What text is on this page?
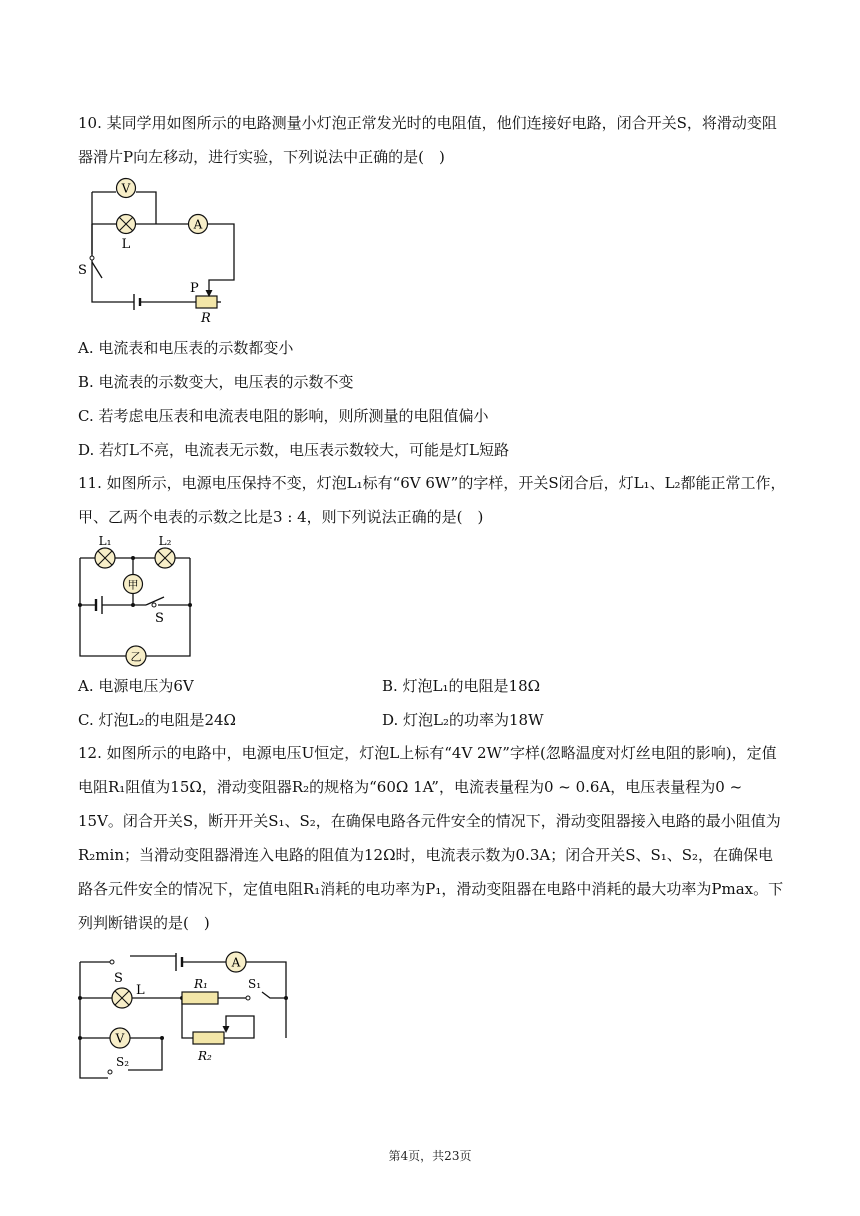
10. 某同学用如图所示的电路测量小灯泡正常发光时的电阻值，他们连接好电路，闭合开关S，将滑动变阻器滑片P向左移动，进行实验，下列说法中正确的是(　)

V
L
A
S
P
R

A. 电流表和电压表的示数都变小

B. 电流表的示数变大，电压表的示数不变

C. 若考虑电压表和电流表电阻的影响，则所测量的电阻值偏小

D. 若灯L不亮，电流表无示数，电压表示数较大，可能是灯L短路

11. 如图所示，电源电压保持不变，灯泡L₁标有“6V 6W”的字样，开关S闭合后，灯L₁、L₂都能正常工作，甲、乙两个电表的示数之比是3 : 4，则下列说法正确的是(　)

L₁	L₂
甲
S
乙

A. 电源电压为6V	B. 灯泡L₁的电阻是18Ω

C. 灯泡L₂的电阻是24Ω	D. 灯泡L₂的功率为18W

12. 如图所示的电路中，电源电压U恒定，灯泡L上标有“4V 2W”字样(忽略温度对灯丝电阻的影响)，定值电阻R₁阻值为15Ω，滑动变阻器R₂的规格为“60Ω 1A”，电流表量程为0 ~ 0.6A，电压表量程为0 ~ 15V。闭合开关S，断开开关S₁、S₂，在确保电路各元件安全的情况下，滑动变阻器接入电路的最小阻值为R₂min；当滑动变阻器滑连入电路的阻值为12Ω时，电流表示数为0.3A；闭合开关S、S₁、S₂，在确保电路各元件安全的情况下，定值电阻R₁消耗的电功率为P₁，滑动变阻器在电路中消耗的最大功率为Pmax。下列判断错误的是(　)

S
A
L	R₁	S₁
V
R₂
S₂
第4页，共23页
